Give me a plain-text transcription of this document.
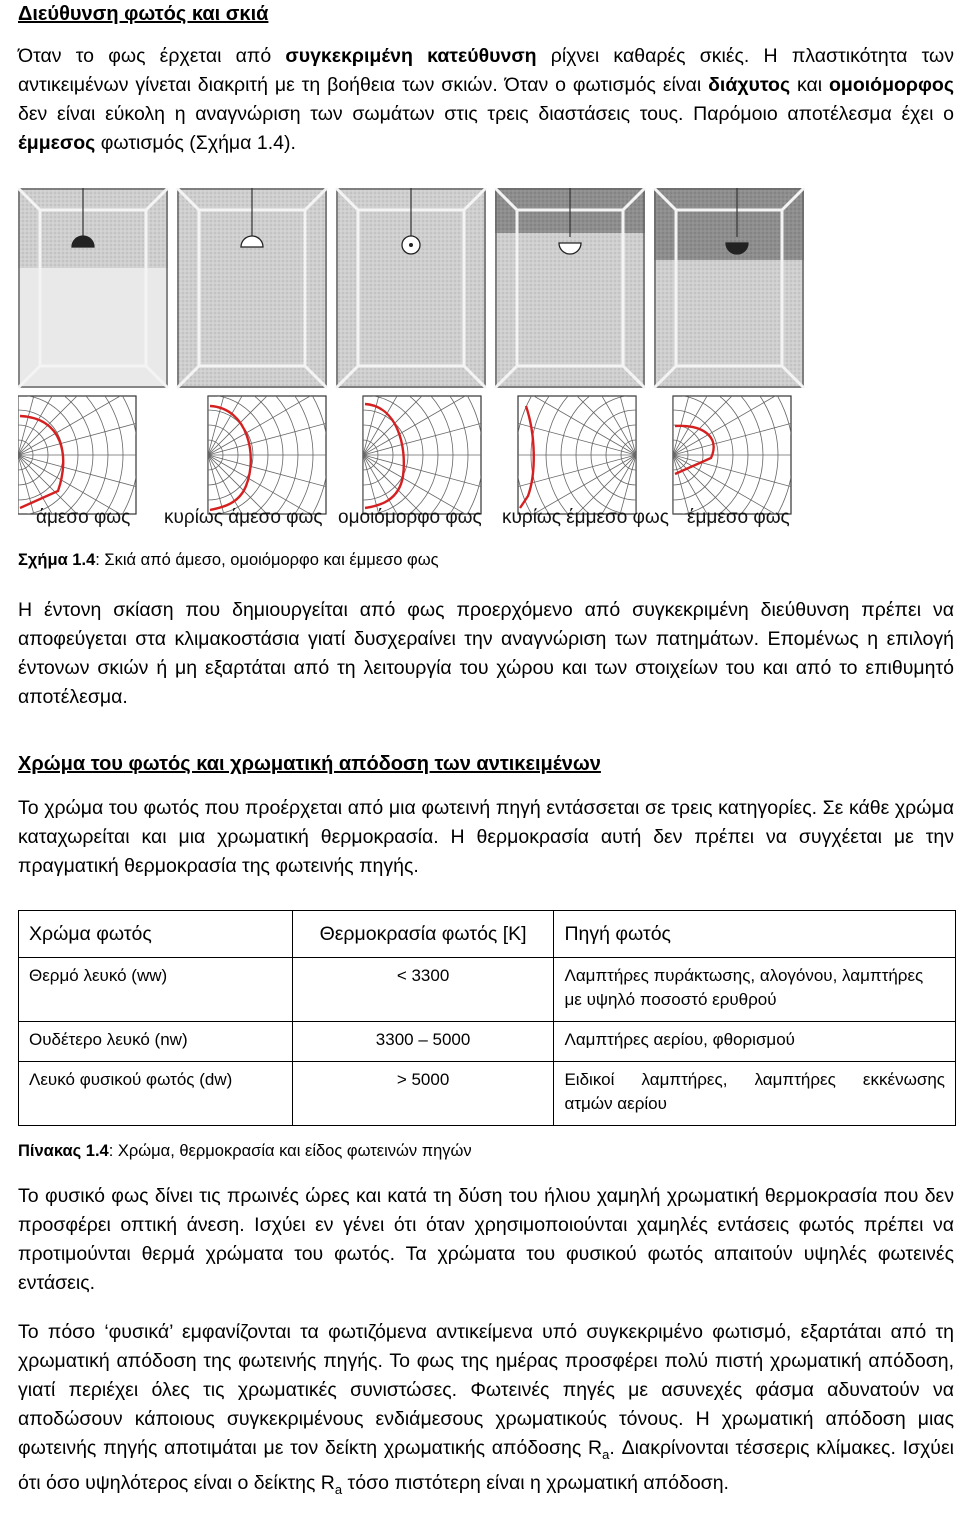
Διεύθυνση φωτός και σκιά
Όταν το φως έρχεται από συγκεκριμένη κατεύθυνση ρίχνει καθαρές σκιές. Η πλαστικότητα των αντικειμένων γίνεται διακριτή με τη βοήθεια των σκιών. Όταν ο φωτισμός είναι διάχυτος και ομοιόμορφος δεν είναι εύκολη η αναγνώριση των σωμάτων στις τρεις διαστάσεις τους. Παρόμοιο αποτέλεσμα έχει ο έμμεσος φωτισμός (Σχήμα 1.4).
άμεσο φως κυρίως άμεσο φως ομοιόμορφο φως κυρίως έμμεσο φως έμμεσο φως
Σχήμα 1.4: Σκιά από άμεσο, ομοιόμορφο και έμμεσο φως
Η έντονη σκίαση που δημιουργείται από φως προερχόμενο από συγκεκριμένη διεύθυνση πρέπει να αποφεύγεται στα κλιμακοστάσια γιατί δυσχεραίνει την αναγνώριση των πατημάτων. Επομένως η επιλογή έντονων σκιών ή μη εξαρτάται από τη λειτουργία του χώρου και των στοιχείων του και από το επιθυμητό αποτέλεσμα.
Χρώμα του φωτός και χρωματική απόδοση των αντικειμένων
Το χρώμα του φωτός που προέρχεται από μια φωτεινή πηγή εντάσσεται σε τρεις κατηγορίες. Σε κάθε χρώμα καταχωρείται και μια χρωματική θερμοκρασία. Η θερμοκρασία αυτή δεν πρέπει να συγχέεται με την πραγματική θερμοκρασία της φωτεινής πηγής.
Χρώμα φωτός	Θερμοκρασία φωτός [K]	Πηγή φωτός
Θερμό λευκό (ww)	< 3300	Λαμπτήρες πυράκτωσης, αλογόνου, λαμπτήρες
με υψηλό ποσοστό ερυθρού
Ουδέτερο λευκό (nw)	3300 – 5000	Λαμπτήρες αερίου, φθορισμού
Λευκό φυσικού φωτός (dw)	> 5000	Ειδικοί λαμπτήρες, λαμπτήρες εκκένωσης
ατμών αερίου
Πίνακας 1.4: Χρώμα, θερμοκρασία και είδος φωτεινών πηγών
Το φυσικό φως δίνει τις πρωινές ώρες και κατά τη δύση του ήλιου χαμηλή χρωματική θερμοκρασία που δεν προσφέρει οπτική άνεση. Ισχύει εν γένει ότι όταν χρησιμοποιούνται χαμηλές εντάσεις φωτός πρέπει να προτιμούνται θερμά χρώματα του φωτός. Τα χρώματα του φυσικού φωτός απαιτούν υψηλές φωτεινές εντάσεις.
Το πόσο ‘φυσικά’ εμφανίζονται τα φωτιζόμενα αντικείμενα υπό συγκεκριμένο φωτισμό, εξαρτάται από τη χρωματική απόδοση της φωτεινής πηγής. Το φως της ημέρας προσφέρει πολύ πιστή χρωματική απόδοση, γιατί περιέχει όλες τις χρωματικές συνιστώσες. Φωτεινές πηγές με ασυνεχές φάσμα αδυνατούν να αποδώσουν κάποιους συγκεκριμένους ενδιάμεσους χρωματικούς τόνους. Η χρωματική απόδοση μιας φωτεινής πηγής αποτιμάται με τον δείκτη χρωματικής απόδοσης $R_a$. Διακρίνονται τέσσερις κλίμακες. Ισχύει ότι όσο υψηλότερος είναι ο δείκτης $R_a$ τόσο πιστότερη είναι η χρωματική απόδοση.
